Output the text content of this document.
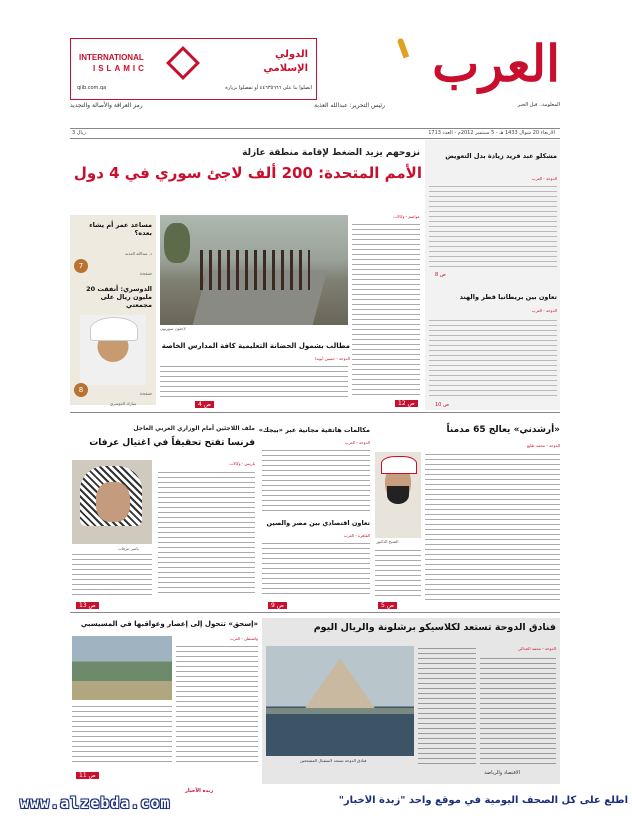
INTERNATIONAL
ISLAMIC
الدولي
الإسلامي
اتصلوا بنا على ٤٤٦٣٥٦٦٦ أو تفضلوا بزيارة
qiib.com.qa	العرب
المعلومة.. قبل الخبر
رئيس التحرير: عبدالله العذبة
رمز العراقة والأصالة والتجديد
الأربعاء 20 شوال 1433 هـ - 5 سبتمبر 2012م - العدد 1713
3 ريال
مشكلو عبد فريد زيادة بدل التعويض
الدوحة - العرب
ص 8
تعاون بين بريطانيا قطر والهند
الدوحة - العرب
ص 10
نزوحهم يزيد الضغط لإقامة منطقة عازلة
الأمم المتحدة: 200 ألف لاجئ سوري في 4 دول
لاجئون سوريون
عواصم - وكالات
ص 12
مطالب بشمول الحضانة التعليمية كافة المدارس الخاصة
الدوحة - حسين أبوندا
ص 4
مساعد عمر أم يشاء بعده؟
د. عبدالله العذبة
7
صفحة
الدوسري: أنفقت 20 مليون ريال على مجمعتي
8	صفحة
مبارك الدوسري
«أرشدني» يعالج 65 مدمناً
الدوحة - محمد طايع
الشيخ الدكتور
ص 5
مكالمات هاتفية مجانية عبر «بيجك»
الدوحة - العرب
تعاون اقتصادي بين مصر والصين
القاهرة - العرب
ص 9
ملف اللاجئين أمام الوزاري العربي العاجل
فرنسا تفتح تحقيقاً في اغتيال عرفات
ياسر عرفات
باريس - وكالات
ص 13
فنادق الدوحة تستعد لكلاسيكو برشلونة والريال اليوم
الدوحة - محمد الجدالي
فنادق الدوحة تستعد لاستقبال المشجعين
الاقتصاد والرياضة
«إسحق» تتحول إلى إعصار وعواقبها في المسيسبي
واشنطن - العرب
ص 11
www.alzebda.com
زبدة الأخبار
اطلع على كل الصحف اليومية في موقع واحد "زبدة الأخبار"
